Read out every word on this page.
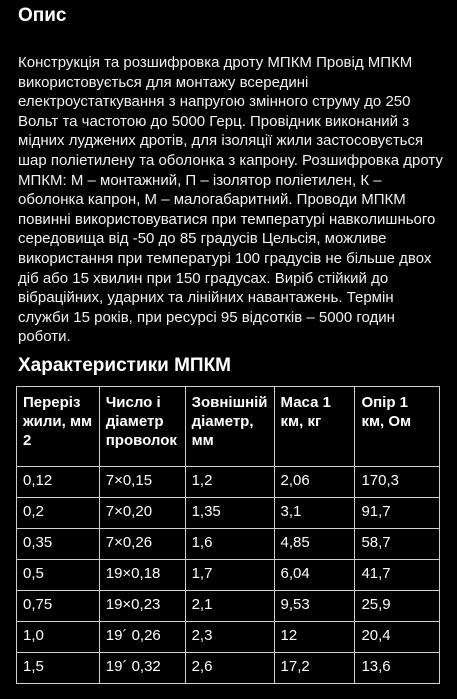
Опис

Конструкція та розшифровка дроту МПКМ Провід МПКМ використовується для монтажу всередині електроустаткування з напругою змінного струму до 250 Вольт та частотою до 5000 Герц. Провідник виконаний з мідних луджених дротів, для ізоляції жили застосовується шар поліетилену та оболонка з капрону. Розшифровка дроту МПКМ: М – монтажний, П – ізолятор поліетилен, К – оболонка капрон, М – малогабаритний. Проводи МПКМ повинні використовуватися при температурі навколишнього середовища від -50 до 85 градусів Цельсія, можливе використання при температурі 100 градусів не більше двох діб або 15 хвилин при 150 градусах. Виріб стійкий до вібраційних, ударних та лінійних навантажень. Термін служби 15 років, при ресурсі 95 відсотків – 5000 годин роботи.

Характеристики МПКМ
Переріз жили, мм 2	Число і діаметр проволок	Зовнішній діаметр, мм	Маса 1 км, кг	Опір 1 км, Ом
0,12	7×0,15	1,2	2,06	170,3
0,2	7×0,20	1,35	3,1	91,7
0,35	7×0,26	1,6	4,85	58,7
0,5	19×0,18	1,7	6,04	41,7
0,75	19×0,23	2,1	9,53	25,9
1,0	19´ 0,26	2,3	12	20,4
1,5	19´ 0,32	2,6	17,2	13,6
